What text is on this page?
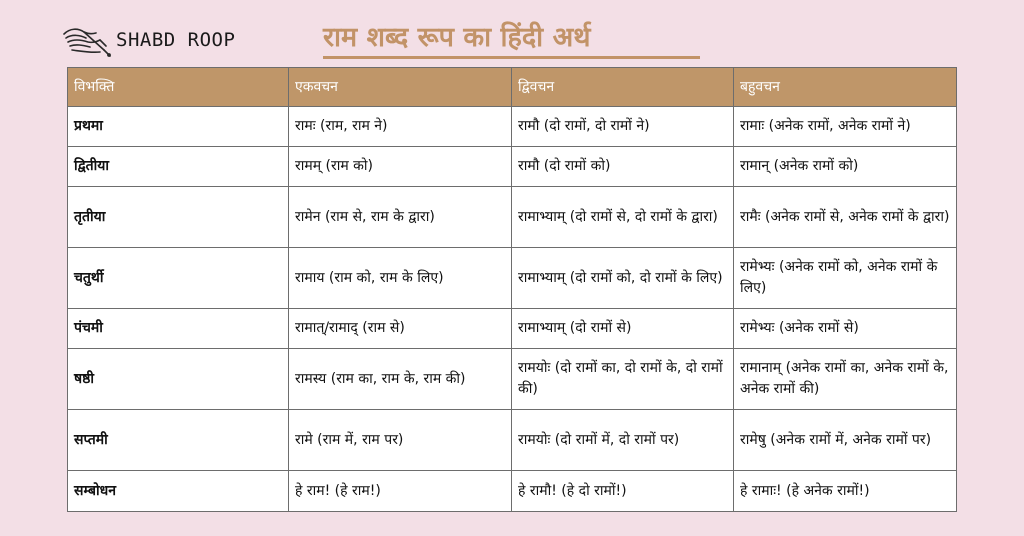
SHABD ROOP	राम शब्द रूप का हिंदी अर्थ
विभक्ति	एकवचन	द्विवचन	बहुवचन
प्रथमा	रामः (राम, राम ने)	रामौ (दो रामों, दो रामों ने)	रामाः (अनेक रामों, अनेक रामों ने)
द्वितीया	रामम् (राम को)	रामौ (दो रामों को)	रामान् (अनेक रामों को)
तृतीया	रामेन (राम से, राम के द्वारा)	रामाभ्याम् (दो रामों से, दो रामों के द्वारा)	रामैः (अनेक रामों से, अनेक रामों के द्वारा)
चतुर्थी	रामाय (राम को, राम के लिए)	रामाभ्याम् (दो रामों को, दो रामों के लिए)	रामेभ्यः (अनेक रामों को, अनेक रामों के लिए)
पंचमी	रामात्/रामाद् (राम से)	रामाभ्याम् (दो रामों से)	रामेभ्यः (अनेक रामों से)
षष्ठी	रामस्य (राम का, राम के, राम की)	रामयोः (दो रामों का, दो रामों के, दो रामों की)	रामानाम् (अनेक रामों का, अनेक रामों के, अनेक रामों की)
सप्तमी	रामे (राम में, राम पर)	रामयोः (दो रामों में, दो रामों पर)	रामेषु (अनेक रामों में, अनेक रामों पर)
सम्बोधन	हे राम! (हे राम!)	हे रामौ! (हे दो रामों!)	हे रामाः! (हे अनेक रामों!)
